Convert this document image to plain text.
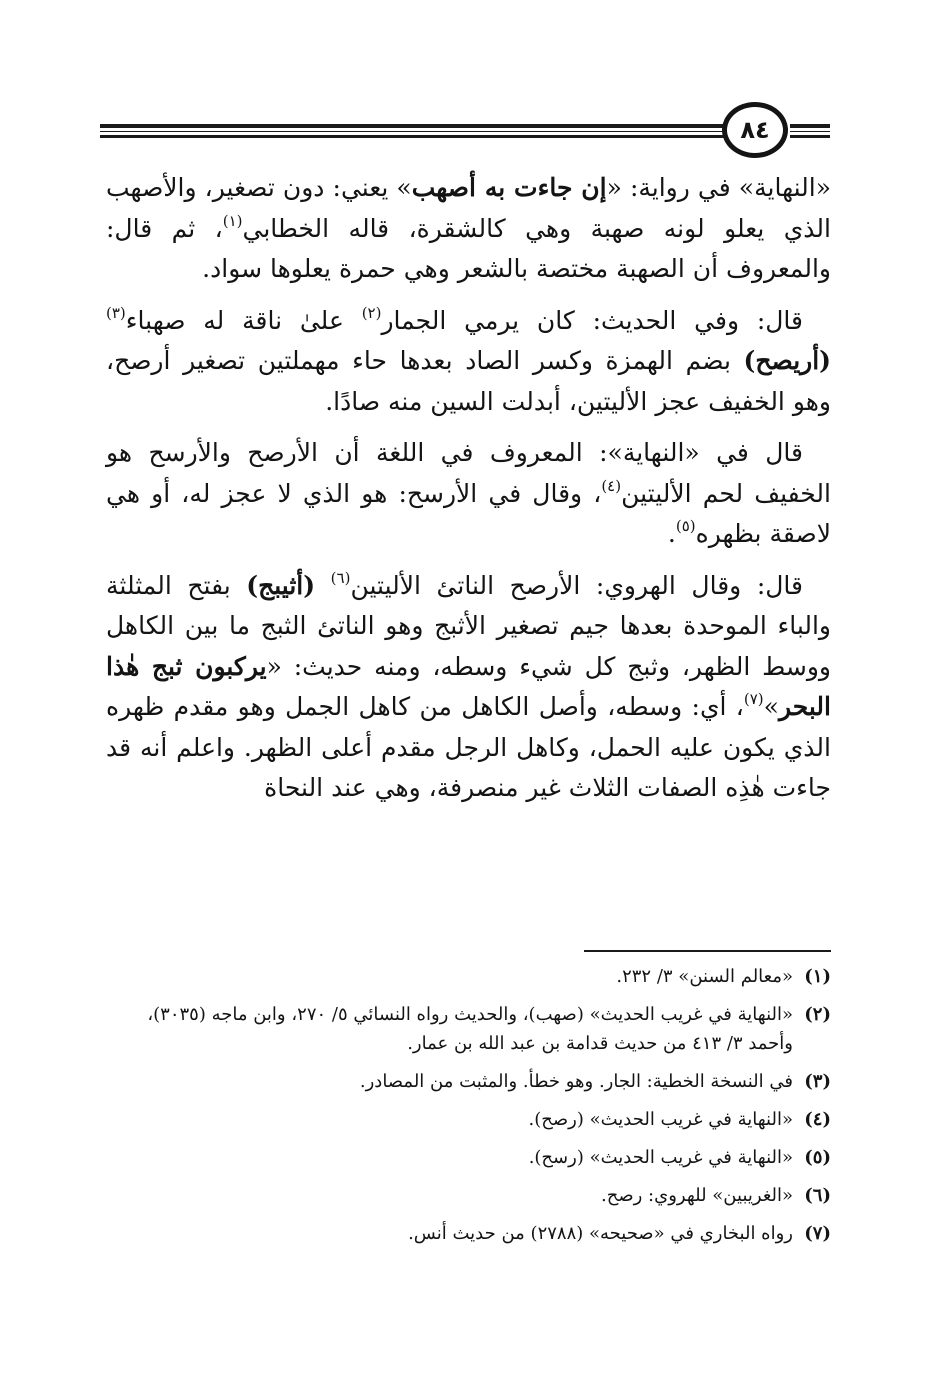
٨٤

«النهاية» في رواية: «إن جاءت به أصهب» يعني: دون تصغير، والأصهب الذي يعلو لونه صهبة وهي كالشقرة، قاله الخطابي$^{(١)}$، ثم قال: والمعروف أن الصهبة مختصة بالشعر وهي حمرة يعلوها سواد.

قال: وفي الحديث: كان يرمي الجمار$^{(٢)}$ علىٰ ناقة له صهباء$^{(٣)}$ (أريصح) بضم الهمزة وكسر الصاد بعدها حاء مهملتين تصغير أرصح، وهو الخفيف عجز الأليتين، أبدلت السين منه صادًا.

قال في «النهاية»: المعروف في اللغة أن الأرصح والأرسح هو الخفيف لحم الأليتين$^{(٤)}$، وقال في الأرسح: هو الذي لا عجز له، أو هي لاصقة بظهره$^{(٥)}$.

قال: وقال الهروي: الأرصح الناتئ الأليتين$^{(٦)}$ (أثيبج) بفتح المثلثة والباء الموحدة بعدها جيم تصغير الأثبج وهو الناتئ الثبج ما بين الكاهل ووسط الظهر، وثبج كل شيء وسطه، ومنه حديث: «يركبون ثبج هٰذا البحر»$^{(٧)}$، أي: وسطه، وأصل الكاهل من كاهل الجمل وهو مقدم ظهره الذي يكون عليه الحمل، وكاهل الرجل مقدم أعلى الظهر. واعلم أنه قد جاءت هٰذِه الصفات الثلاث غير منصرفة، وهي عند النحاة

(١)
«معالم السنن» ٣/ ٢٣٢.
(٢)
«النهاية في غريب الحديث» (صهب)، والحديث رواه النسائي ٥/ ٢٧٠، وابن ماجه (٣٠٣٥)، وأحمد ٣/ ٤١٣ من حديث قدامة بن عبد الله بن عمار.
(٣)
في النسخة الخطية: الجار. وهو خطأ. والمثبت من المصادر.
(٤)
«النهاية في غريب الحديث» (رصح).
(٥)
«النهاية في غريب الحديث» (رسح).
(٦)
«الغريبين» للهروي: رصح.
(٧)
رواه البخاري في «صحيحه» (٢٧٨٨) من حديث أنس.
